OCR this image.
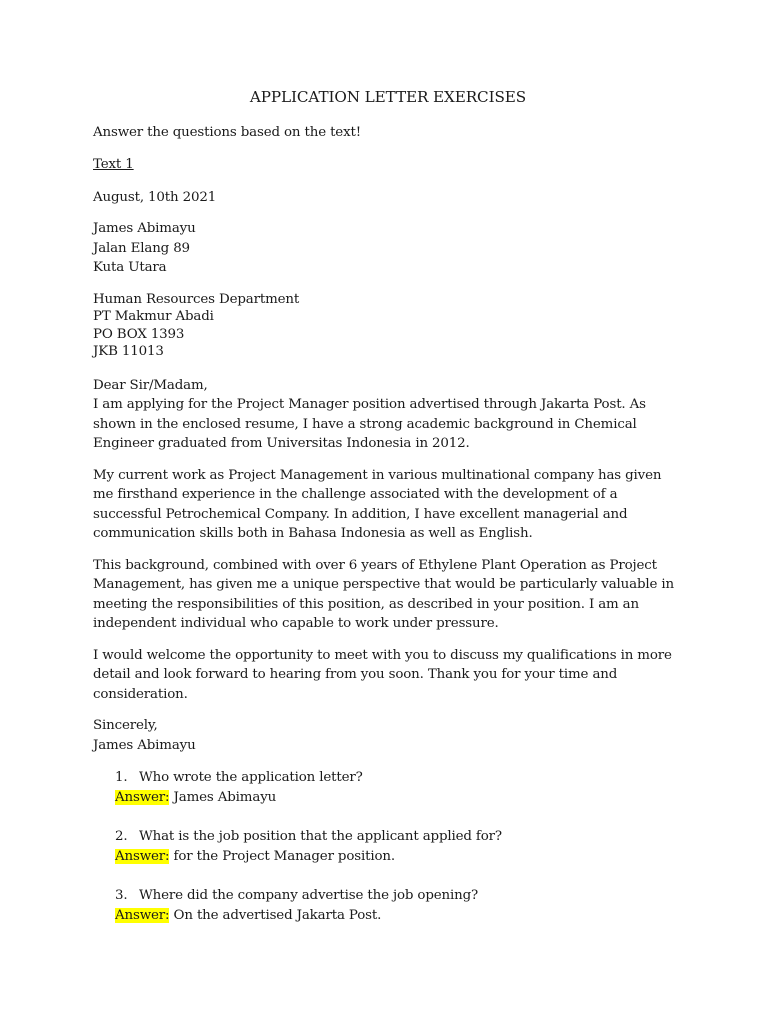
APPLICATION LETTER EXERCISES

Answer the questions based on the text!

Text 1

August, 10th 2021

James Abimayu

Jalan Elang 89

Kuta Utara

Human Resources Department

PT Makmur Abadi

PO BOX 1393

JKB 11013

Dear Sir/Madam,

I am applying for the Project Manager position advertised through Jakarta Post. As shown in the enclosed resume, I have a strong academic background in Chemical Engineer graduated from Universitas Indonesia in 2012.

My current work as Project Management in various multinational company has given me firsthand experience in the challenge associated with the development of a successful Petrochemical Company. In addition, I have excellent managerial and communication skills both in Bahasa Indonesia as well as English.

This background, combined with over 6 years of Ethylene Plant Operation as Project Management, has given me a unique perspective that would be particularly valuable in meeting the responsibilities of this position, as described in your position. I am an independent individual who capable to work under pressure.

I would welcome the opportunity to meet with you to discuss my qualifications in more detail and look forward to hearing from you soon. Thank you for your time and consideration.

Sincerely,

James Abimayu

1. Who wrote the application letter?
Answer: James Abimayu
2. What is the job position that the applicant applied for?
Answer: for the Project Manager position.
3. Where did the company advertise the job opening?
Answer: On the advertised Jakarta Post.
